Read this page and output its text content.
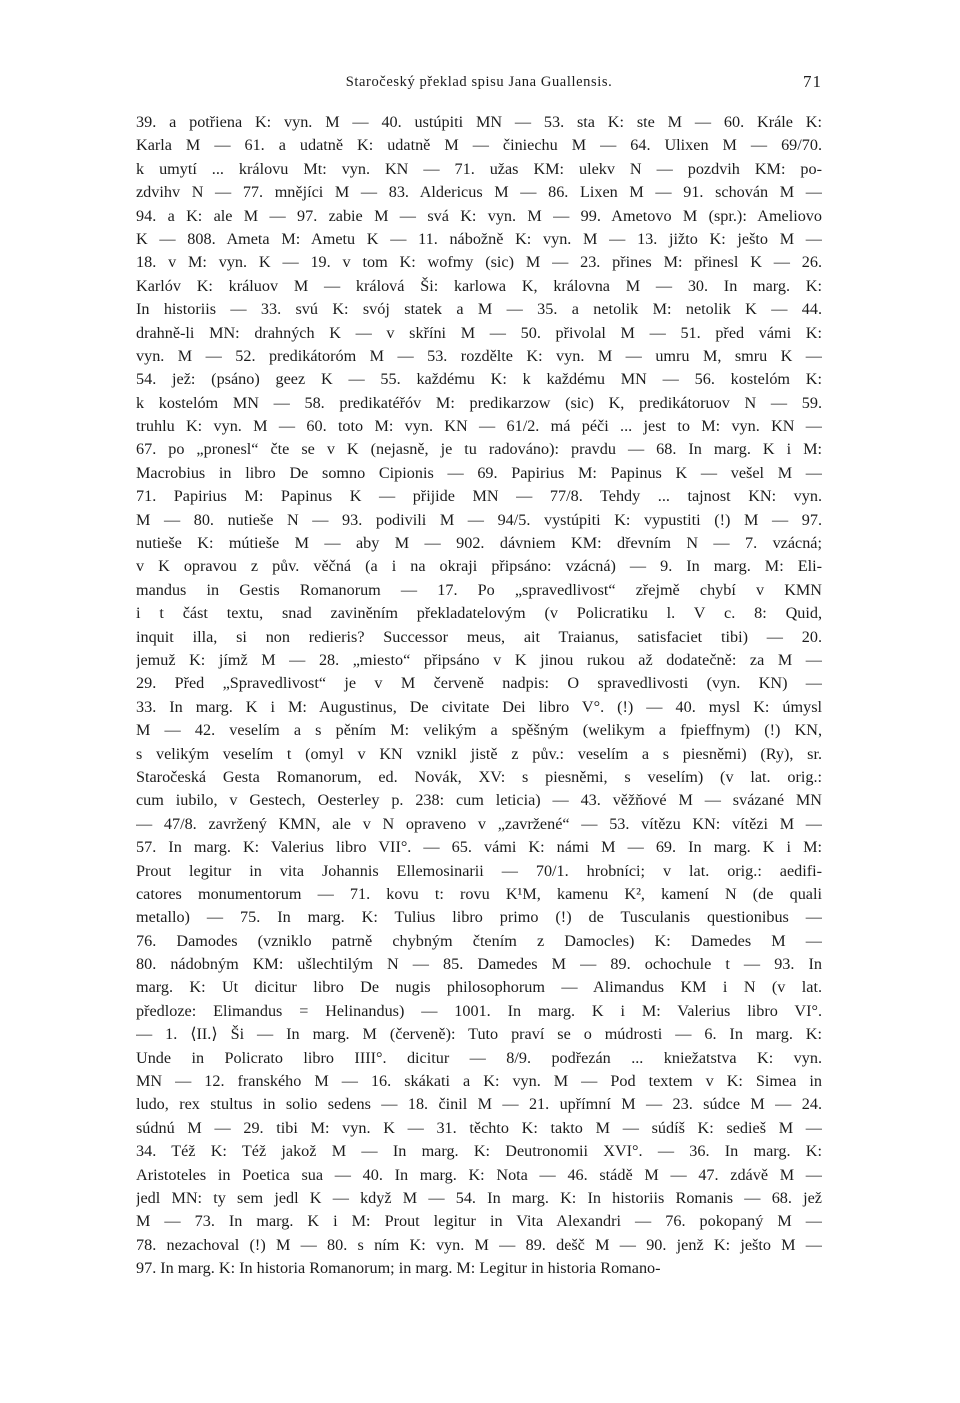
Staročeský překlad spisu Jana Guallensis.	71
39. a potřiena K: vyn. M — 40. ustúpiti MN — 53. sta K: ste M — 60. Krále K:
Karla M — 61. a udatně K: udatně M — činiechu M — 64. Ulixen M — 69/70.
k umytí ... královu Mt: vyn. KN — 71. užas KM: ulekv N — pozdvih KM: po-
zdvihv N — 77. mnějíci M — 83. Aldericus M — 86. Lixen M — 91. schován M —
94. a K: ale M — 97. zabie M — svá K: vyn. M — 99. Ametovo M (spr.): Ameliovo
K — 808. Ameta M: Ametu K — 11. nábožně K: vyn. M — 13. jižto K: ješto M —
18. v M: vyn. K — 19. v tom K: wofmy (sic) M — 23. přines M: přinesl K — 26.
Karlóv K: králuov M — králová Ši: karlowa K, královna M — 30. In marg. K:
In historiis — 33. svú K: svój statek a M — 35. a netolik M: netolik K — 44.
drahně-li MN: drahných K — v skříni M — 50. přivolal M — 51. před vámi K:
vyn. M — 52. predikátoróm M — 53. rozdělte K: vyn. M — umru M, smru K —
54. jež: (psáno) geez K — 55. každému K: k každému MN — 56. kostelóm K:
k kostelóm MN — 58. predikatéřóv M: predikarzow (sic) K, predikátoruov N — 59.
truhlu K: vyn. M — 60. toto M: vyn. KN — 61/2. má péči ... jest to M: vyn. KN —
67. po „pronesl“ čte se v K (nejasně, je tu radováno): pravdu — 68. In marg. K i M:
Macrobius in libro De somno Cipionis — 69. Papirius M: Papinus K — vešel M —
71. Papirius M: Papinus K — přijide MN — 77/8. Tehdy ... tajnost KN: vyn.
M — 80. nutieše N — 93. podivili M — 94/5. vystúpiti K: vypustiti (!) M — 97.
nutieše K: mútieše M — aby M — 902. dávniem KM: dřevním N — 7. vzácná;
v K opravou z pův. věčná (a i na okraji připsáno: vzácná) — 9. In marg. M: Eli-
mandus in Gestis Romanorum — 17. Po „spravedlivost“ zřejmě chybí v KMN
i t část textu, snad zaviněním překladatelovým (v Policratiku l. V c. 8: Quid,
inquit illa, si non redieris? Successor meus, ait Traianus, satisfaciet tibi) — 20.
jemuž K: jímž M — 28. „miesto“ připsáno v K jinou rukou až dodatečně: za M —
29. Před „Spravedlivost“ je v M červeně nadpis: O spravedlivosti (vyn. KN) —
33. In marg. K i M: Augustinus, De civitate Dei libro V°. (!) — 40. mysl K: úmysl
M — 42. veselím a s pěním M: velikým a spěšným (welikym a fpieffnym) (!) KN,
s velikým veselím t (omyl v KN vznikl jistě z pův.: veselím a s piesněmi) (Ry), sr.
Staročeská Gesta Romanorum, ed. Novák, XV: s piesněmi, s veselím) (v lat. orig.:
cum iubilo, v Gestech, Oesterley p. 238: cum leticia) — 43. věžňové M — svázané MN
— 47/8. zavržený KMN, ale v N opraveno v „zavržené“ — 53. vítězu KN: vítězi M —
57. In marg. K: Valerius libro VII°. — 65. vámi K: námi M — 69. In marg. K i M:
Prout legitur in vita Johannis Ellemosinarii — 70/1. hrobníci; v lat. orig.: aedifi-
catores monumentorum — 71. kovu t: rovu K¹M, kamenu K², kamení N (de quali
metallo) — 75. In marg. K: Tulius libro primo (!) de Tusculanis questionibus —
76. Damodes (vzniklo patrně chybným čtením z Damocles) K: Damedes M —
80. nádobným KM: ušlechtilým N — 85. Damedes M — 89. ochochule t — 93. In
marg. K: Ut dicitur libro De nugis philosophorum — Alimandus KM i N (v lat.
předloze: Elimandus = Helinandus) — 1001. In marg. K i M: Valerius libro VI°.
— 1. ⟨II.⟩ Ši — In marg. M (červeně): Tuto praví se o múdrosti — 6. In marg. K:
Unde in Policrato libro IIII°. dicitur — 8/9. podřezán ... kniežatstva K: vyn.
MN — 12. franského M — 16. skákati a K: vyn. M — Pod textem v K: Simea in
ludo, rex stultus in solio sedens — 18. činil M — 21. upřímní M — 23. súdce M — 24.
súdnú M — 29. tibi M: vyn. K — 31. těchto K: takto M — súdíš K: sedieš M —
34. Též K: Též jakož M — In marg. K: Deutronomii XVI°. — 36. In marg. K:
Aristoteles in Poetica sua — 40. In marg. K: Nota — 46. stádě M — 47. zdávě M —
jedl MN: ty sem jedl K — když M — 54. In marg. K: In historiis Romanis — 68. jež
M — 73. In marg. K i M: Prout legitur in Vita Alexandri — 76. pokopaný M —
78. nezachoval (!) M — 80. s ním K: vyn. M — 89. dešč M — 90. jenž K: ješto M —
97. In marg. K: In historia Romanorum; in marg. M: Legitur in historia Romano-
